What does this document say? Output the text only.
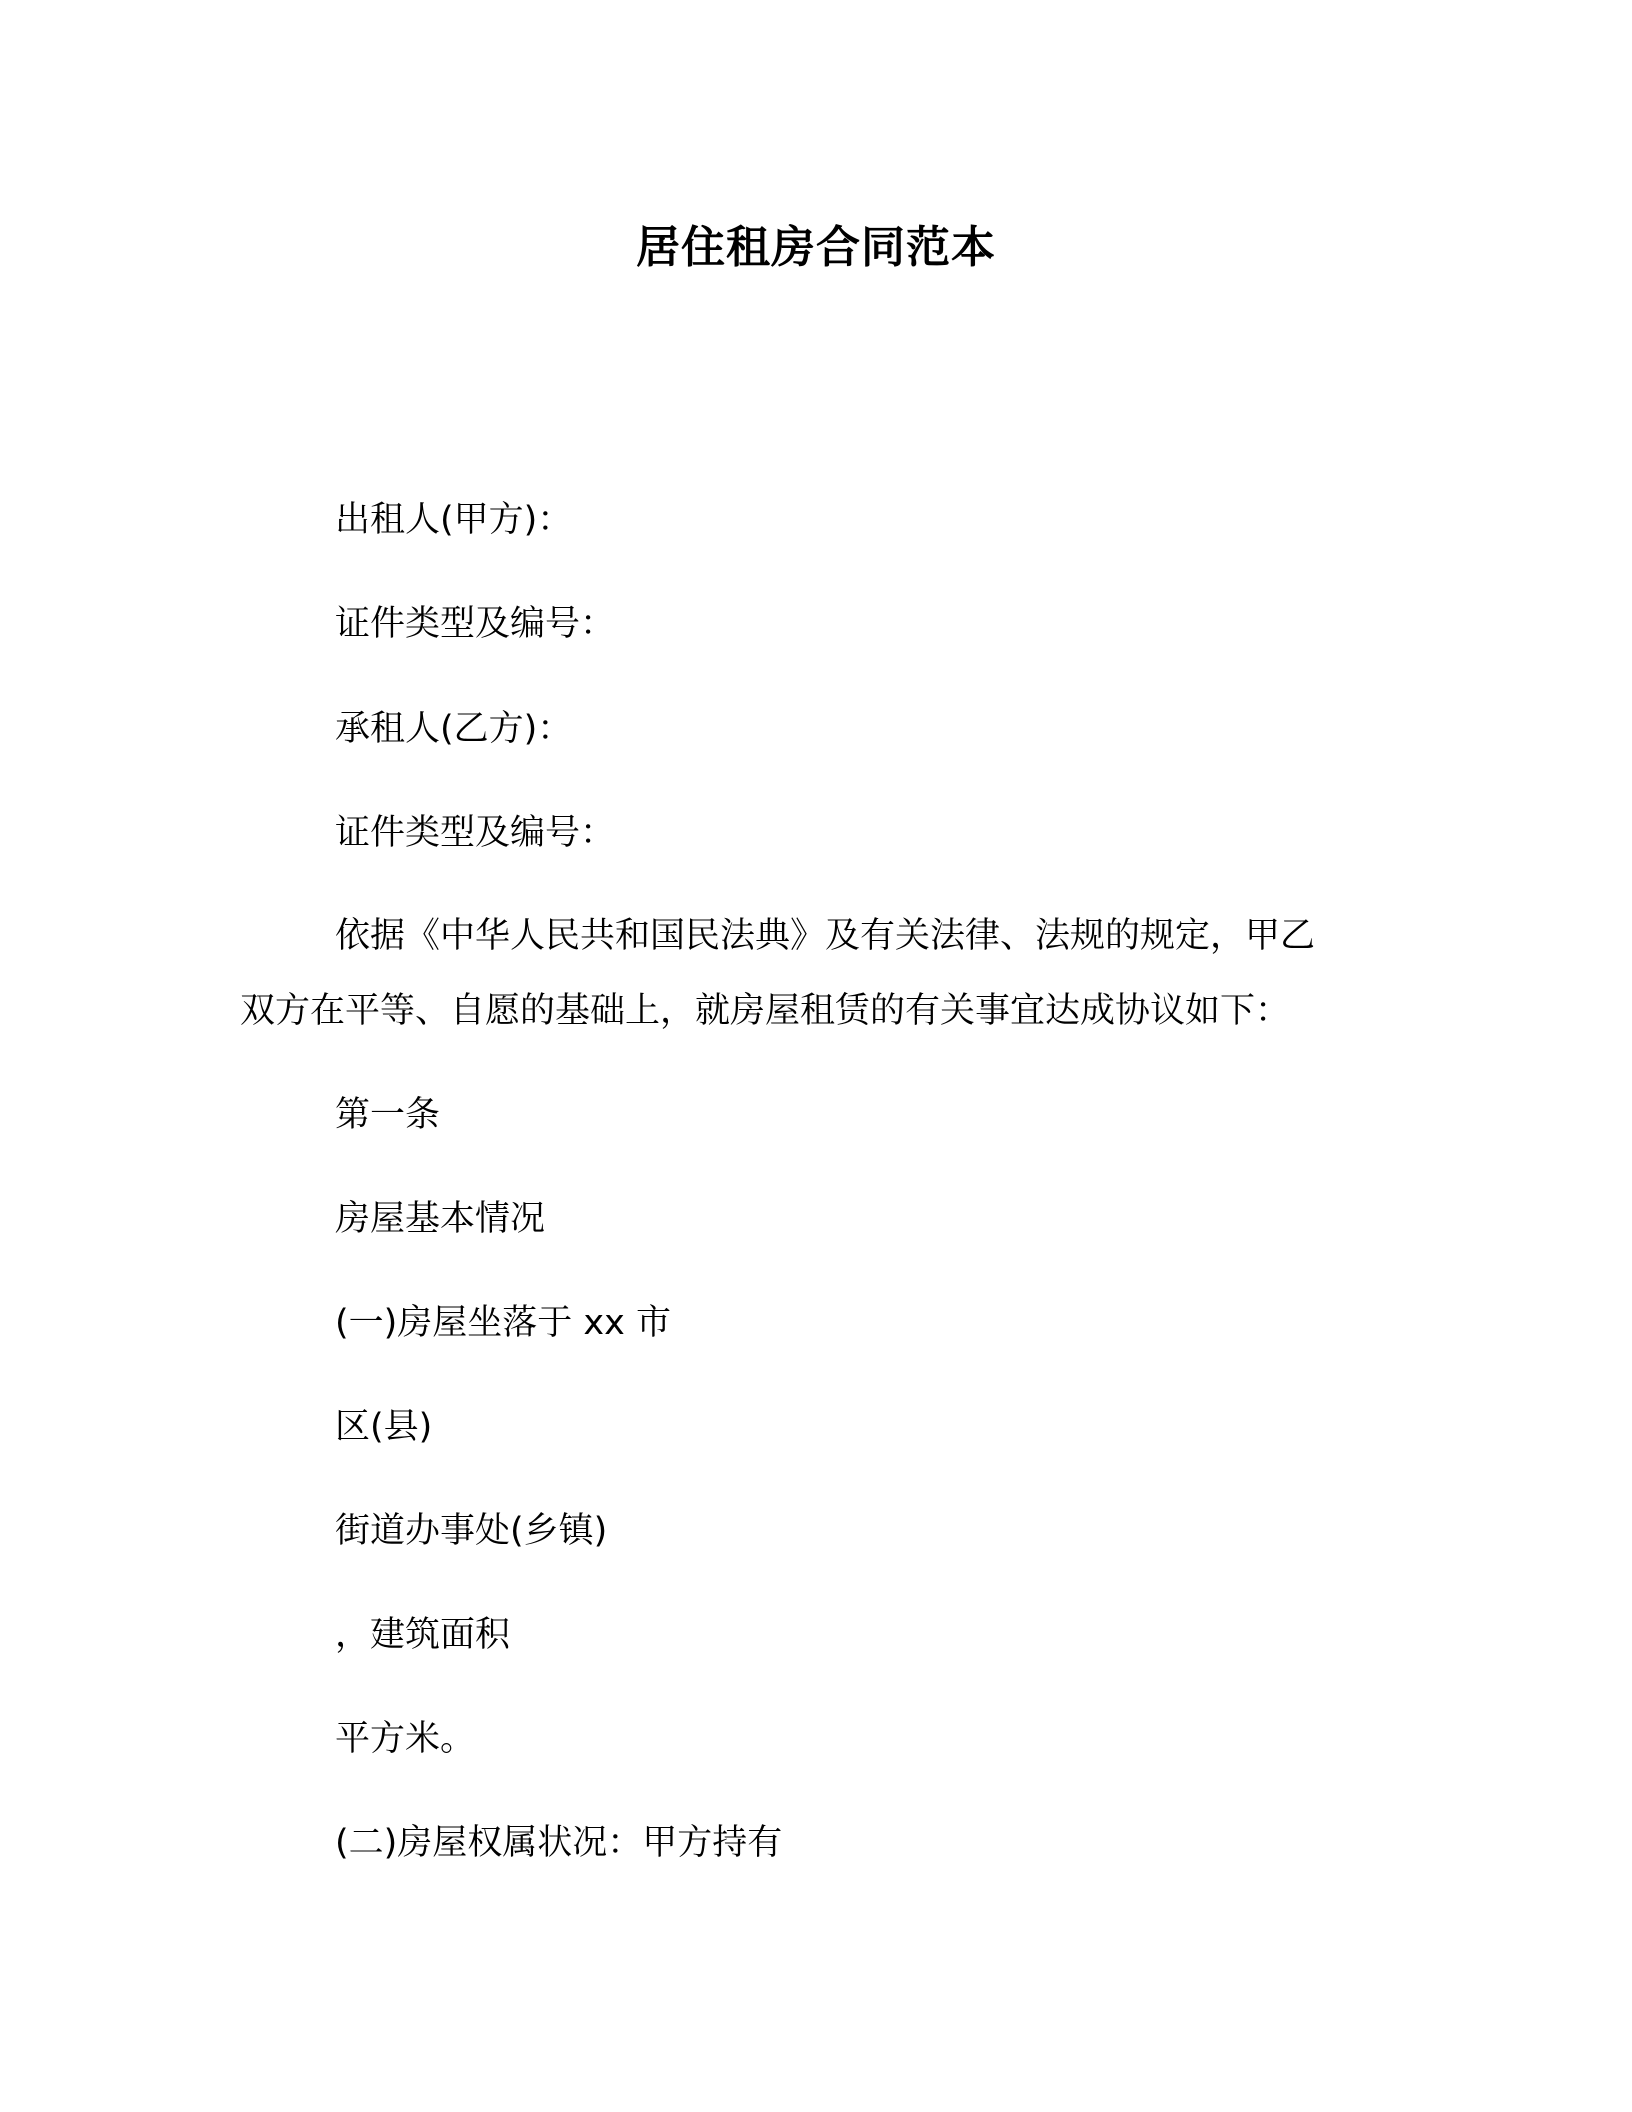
居住租房合同范本
出租人(甲方)：
证件类型及编号：
承租人(乙方)：
证件类型及编号：
依据《中华人民共和国民法典》及有关法律、法规的规定，甲乙
双方在平等、自愿的基础上，就房屋租赁的有关事宜达成协议如下：
第一条
房屋基本情况
(一)房屋坐落于 xx 市
区(县)
街道办事处(乡镇)
，建筑面积
平方米。
(二)房屋权属状况：甲方持有
